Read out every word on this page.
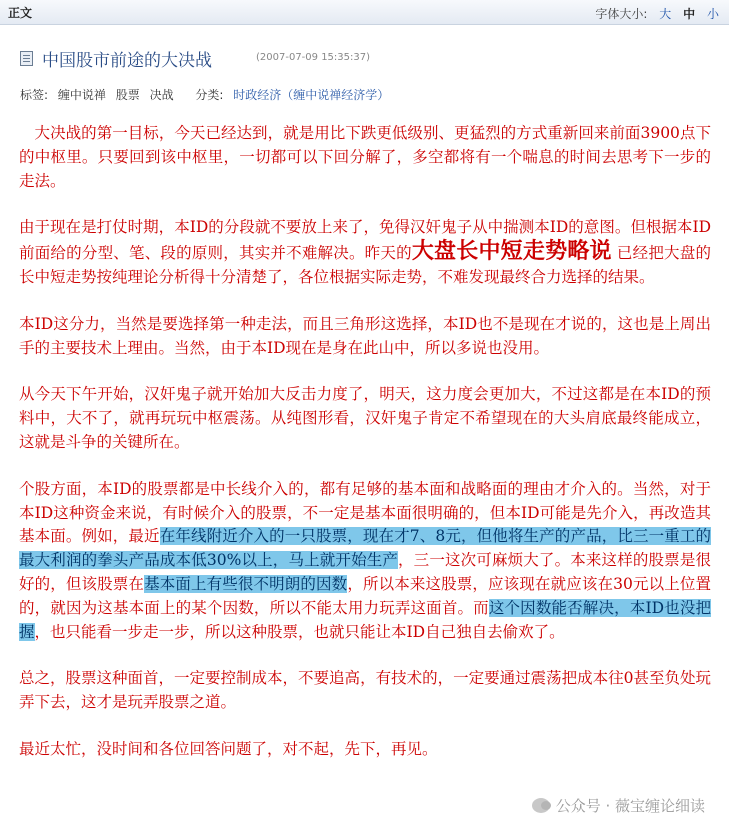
正文	字体大小: 大 中 小
中国股市前途的大决战	(2007-07-09 15:35:37)
标签: 缠中说禅 股票 决战 分类: 时政经济（缠中说禅经济学）

　大决战的第一目标，今天已经达到，就是用比下跌更低级别、更猛烈的方式重新回来前面3900点下的中枢里。只要回到该中枢里，一切都可以下回分解了，多空都将有一个喘息的时间去思考下一步的走法。

由于现在是打仗时期，本ID的分段就不要放上来了，免得汉奸鬼子从中揣测本ID的意图。但根据本ID前面给的分型、笔、段的原则，其实并不难解决。昨天的大盘长中短走势略说 已经把大盘的长中短走势按纯理论分析得十分清楚了，各位根据实际走势，不难发现最终合力选择的结果。

本ID这分力，当然是要选择第一种走法，而且三角形这选择，本ID也不是现在才说的，这也是上周出手的主要技术上理由。当然，由于本ID现在是身在此山中，所以多说也没用。

从今天下午开始，汉奸鬼子就开始加大反击力度了，明天，这力度会更加大，不过这都是在本ID的预料中，大不了，就再玩玩中枢震荡。从纯图形看，汉奸鬼子肯定不希望现在的大头肩底最终能成立，这就是斗争的关键所在。

个股方面，本ID的股票都是中长线介入的，都有足够的基本面和战略面的理由才介入的。当然，对于本ID这种资金来说，有时候介入的股票，不一定是基本面很明确的，但本ID可能是先介入，再改造其基本面。例如，最近在年线附近介入的一只股票，现在才7、8元，但他将生产的产品，比三一重工的最大利润的拳头产品成本低30%以上，马上就开始生产，三一这次可麻烦大了。本来这样的股票是很好的，但该股票在基本面上有些很不明朗的因数，所以本来这股票，应该现在就应该在30元以上位置的，就因为这基本面上的某个因数，所以不能太用力玩弄这面首。而这个因数能否解决，本ID也没把握，也只能看一步走一步，所以这种股票，也就只能让本ID自己独自去偷欢了。

总之，股票这种面首，一定要控制成本，不要追高，有技术的，一定要通过震荡把成本往0甚至负处玩弄下去，这才是玩弄股票之道。

最近太忙，没时间和各位回答问题了，对不起，先下，再见。

公众号 · 薇宝缠论细读
